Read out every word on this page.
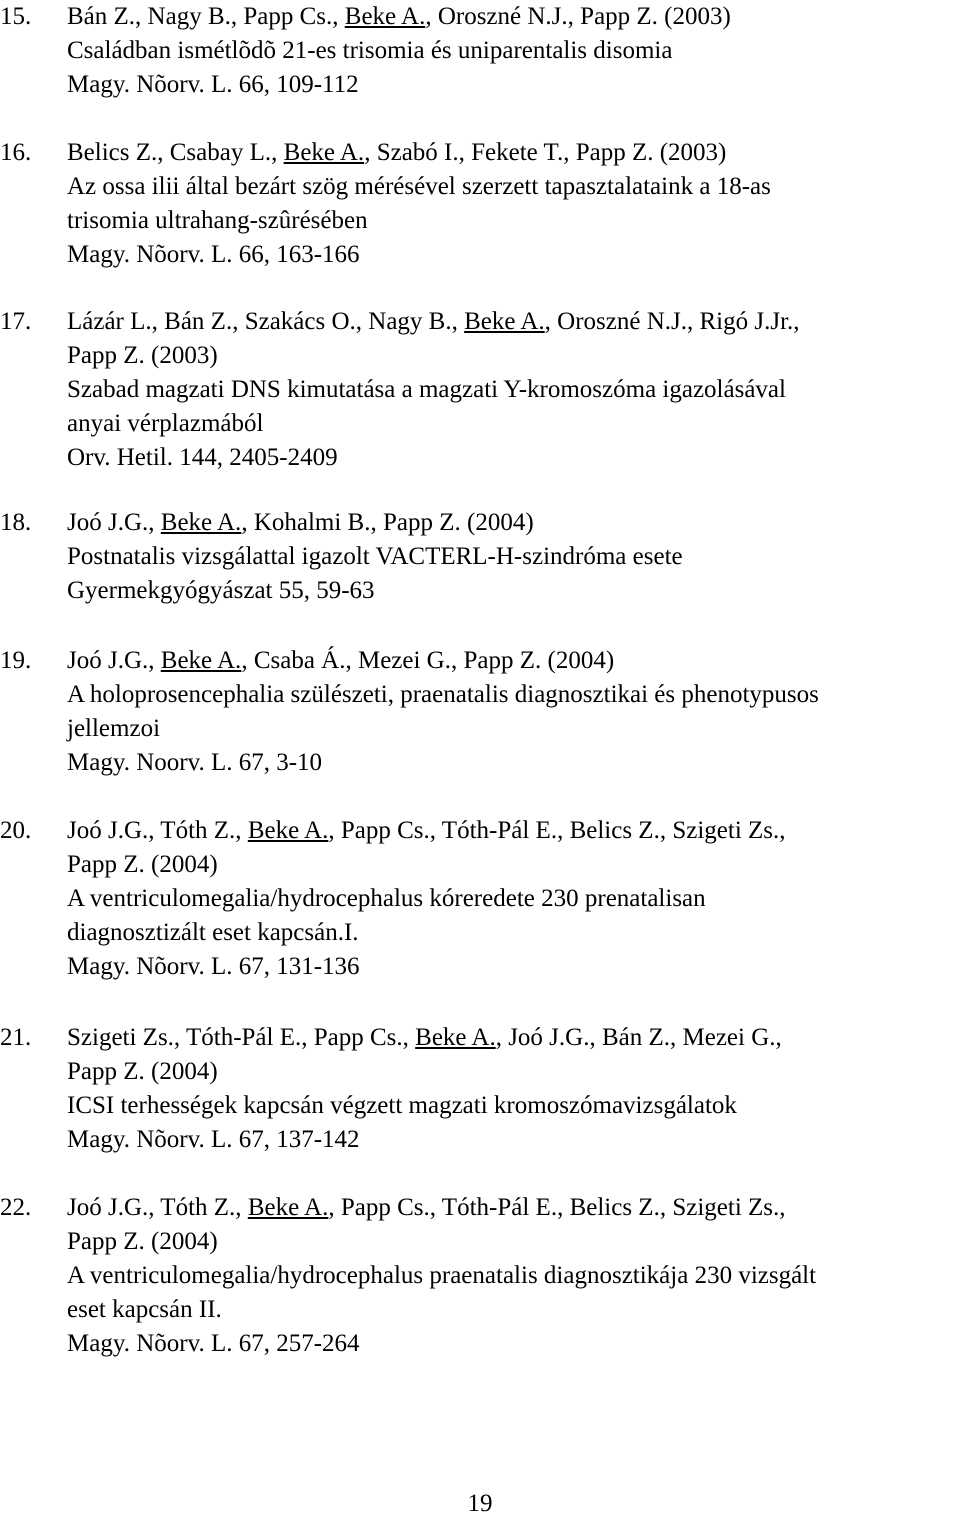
15.	Bán Z., Nagy B., Papp Cs., Beke A., Oroszné N.J., Papp Z. (2003)
Családban ismétlõdõ 21-es trisomia és uniparentalis disomia
Magy. Nõorv. L. 66, 109-112
16.	Belics Z., Csabay L., Beke A., Szabó I., Fekete T., Papp Z. (2003)
Az ossa ilii által bezárt szög mérésével szerzett tapasztalataink a 18-as
trisomia ultrahang-szûrésében
Magy. Nõorv. L. 66, 163-166
17.	Lázár L., Bán Z., Szakács O., Nagy B., Beke A., Oroszné N.J., Rigó J.Jr.,
Papp Z. (2003)
Szabad magzati DNS kimutatása a magzati Y-kromoszóma igazolásával
anyai vérplazmából
Orv. Hetil. 144, 2405-2409
18.	Joó J.G., Beke A., Kohalmi B., Papp Z. (2004)
Postnatalis vizsgálattal igazolt VACTERL-H-szindróma esete
Gyermekgyógyászat 55, 59-63
19.	Joó J.G., Beke A., Csaba Á., Mezei G., Papp Z. (2004)
A holoprosencephalia szülészeti, praenatalis diagnosztikai és phenotypusos
jellemzoi
Magy. Noorv. L. 67, 3-10
20.	Joó J.G., Tóth Z., Beke A., Papp Cs., Tóth-Pál E., Belics Z., Szigeti Zs.,
Papp Z. (2004)
A ventriculomegalia/hydrocephalus kóreredete 230 prenatalisan
diagnosztizált eset kapcsán.I.
Magy. Nõorv. L. 67, 131-136
21.	Szigeti Zs., Tóth-Pál E., Papp Cs., Beke A., Joó J.G., Bán Z., Mezei G.,
Papp Z. (2004)
ICSI terhességek kapcsán végzett magzati kromoszómavizsgálatok
Magy. Nõorv. L. 67, 137-142
22.	Joó J.G., Tóth Z., Beke A., Papp Cs., Tóth-Pál E., Belics Z., Szigeti Zs.,
Papp Z. (2004)
A ventriculomegalia/hydrocephalus praenatalis diagnosztikája 230 vizsgált
eset kapcsán II.
Magy. Nõorv. L. 67, 257-264
19
